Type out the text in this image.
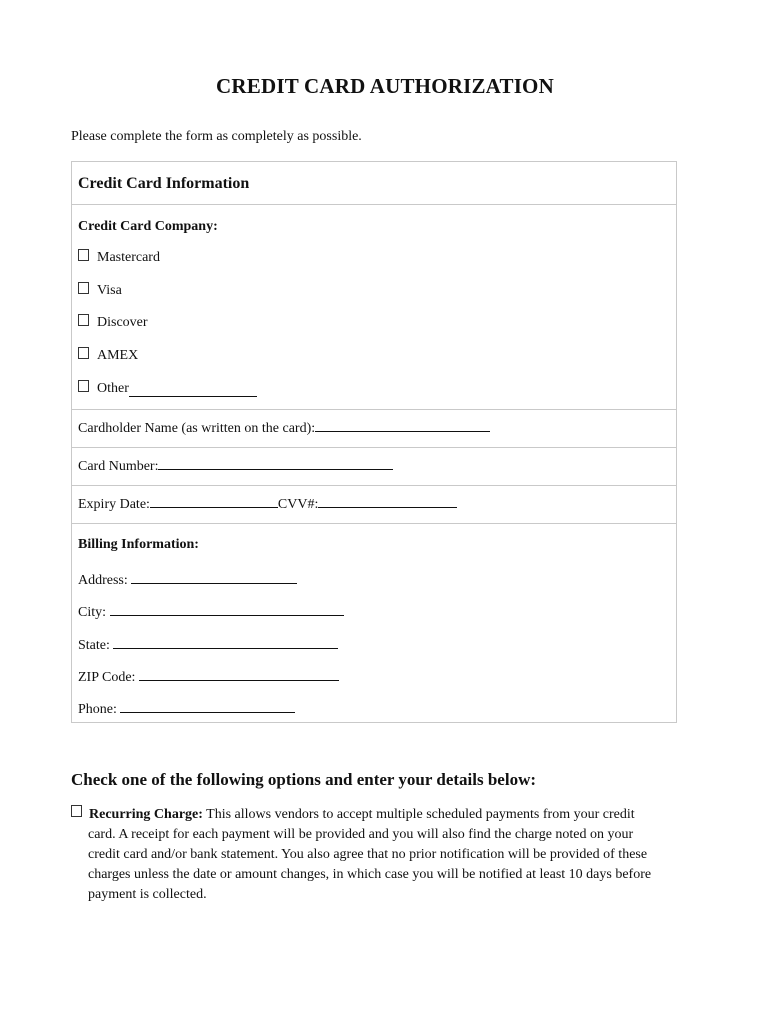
CREDIT CARD AUTHORIZATION
Please complete the form as completely as possible.
Credit Card Information
Credit Card Company:
Mastercard
Visa
Discover
AMEX
Other
Cardholder Name (as written on the card):
Card Number:
Expiry Date:	CVV#:
Billing Information:
Address:
City:
State:
ZIP Code:
Phone:
Check one of the following options and enter your details below:
Recurring Charge: This allows vendors to accept multiple scheduled payments from your credit
card. A receipt for each payment will be provided and you will also find the charge noted on your
credit card and/or bank statement. You also agree that no prior notification will be provided of these
charges unless the date or amount changes, in which case you will be notified at least 10 days before
payment is collected.
